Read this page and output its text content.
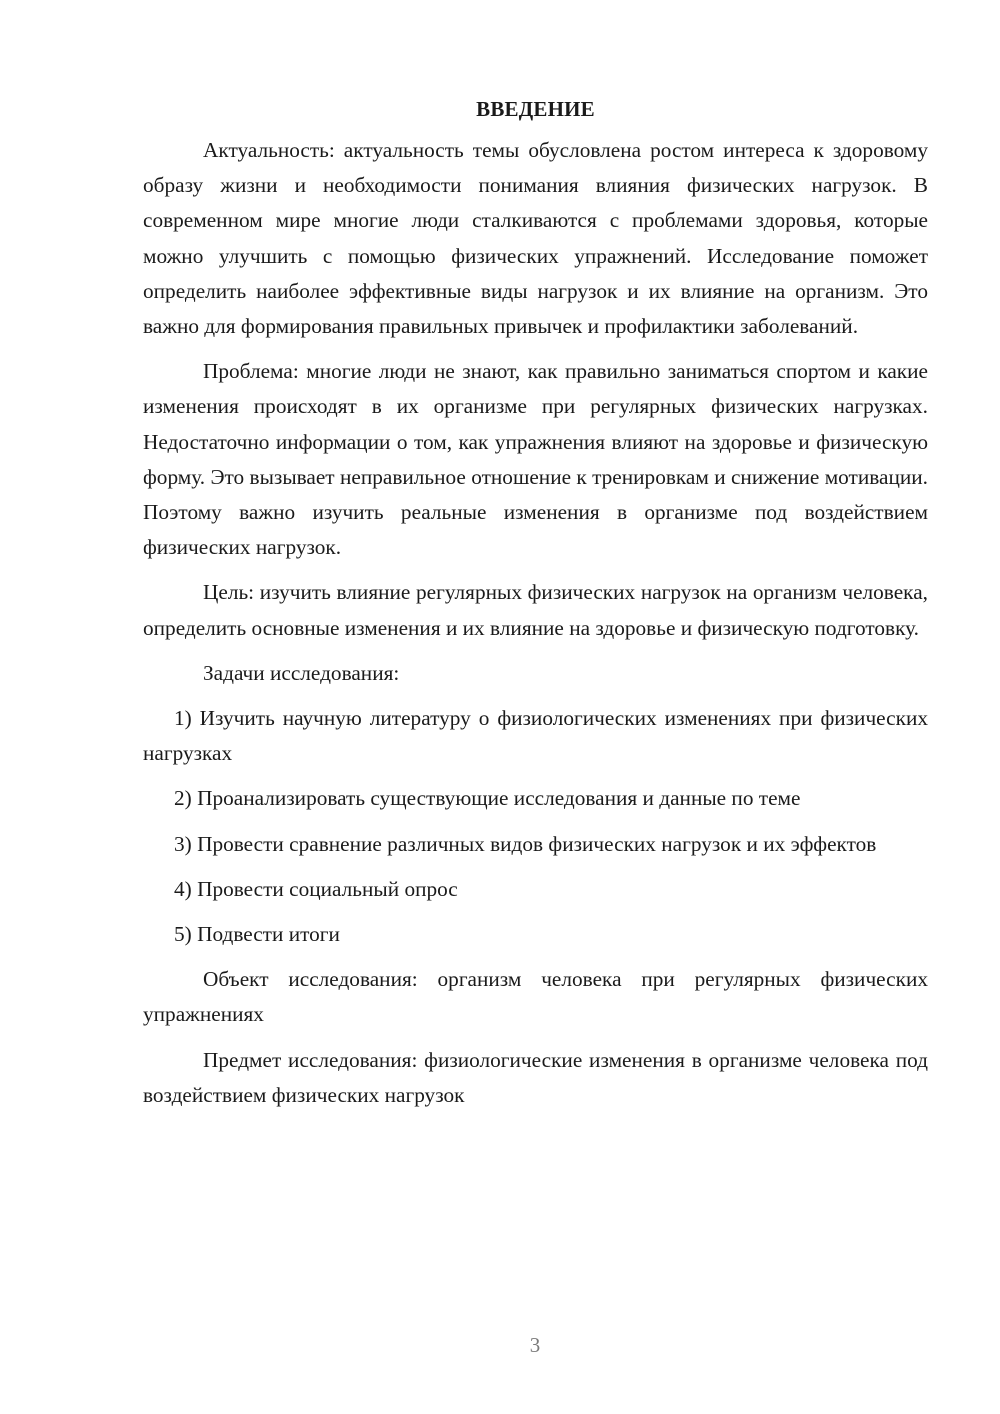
ВВЕДЕНИЕ

Актуальность: актуальность темы обусловлена ростом интереса к здоровому образу жизни и необходимости понимания влияния физических нагрузок. В современном мире многие люди сталкиваются с проблемами здоровья, которые можно улучшить с помощью физических упражнений. Исследование поможет определить наиболее эффективные виды нагрузок и их влияние на организм. Это важно для формирования правильных привычек и профилактики заболеваний.

Проблема: многие люди не знают, как правильно заниматься спортом и какие изменения происходят в их организме при регулярных физических нагрузках. Недостаточно информации о том, как упражнения влияют на здоровье и физическую форму. Это вызывает неправильное отношение к тренировкам и снижение мотивации. Поэтому важно изучить реальные изменения в организме под воздействием физических нагрузок.

Цель: изучить влияние регулярных физических нагрузок на организм человека, определить основные изменения и их влияние на здоровье и физическую подготовку.

Задачи исследования:

1) Изучить научную литературу о физиологических изменениях при физических нагрузках

2) Проанализировать существующие исследования и данные по теме

3) Провести сравнение различных видов физических нагрузок и их эффектов

4) Провести социальный опрос

5) Подвести итоги

Объект исследования: организм человека при регулярных физических упражнениях

Предмет исследования: физиологические изменения в организме человека под воздействием физических нагрузок

3
